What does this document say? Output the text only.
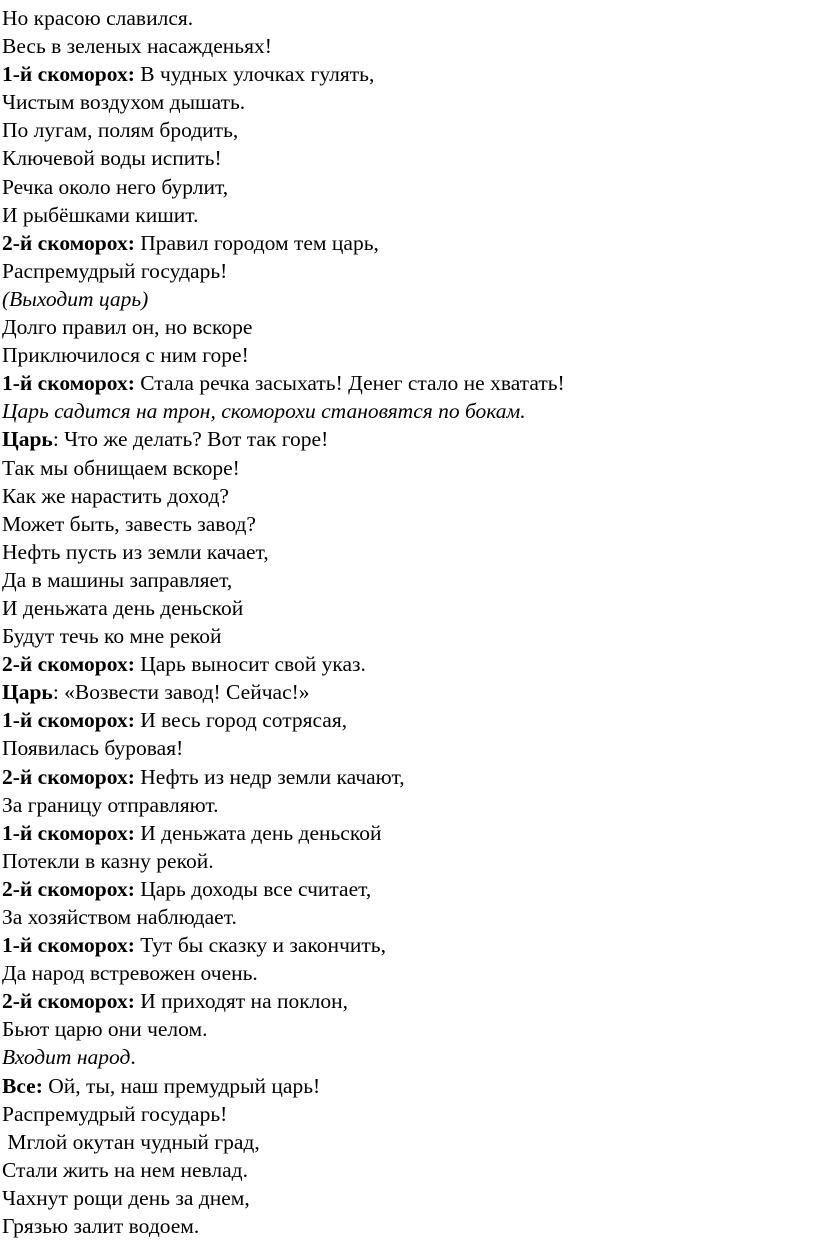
Но красою славился.
Весь в зеленых насажденьях!
1-й скоморох: В чудных улочках гулять,
Чистым воздухом дышать.
По лугам, полям бродить,
Ключевой воды испить!
Речка около него бурлит,
И рыбёшками кишит.
2-й скоморох: Правил городом тем царь,
Распремудрый государь!
(Выходит царь)
Долго правил он, но вскоре
Приключилося с ним горе!
1-й скоморох: Стала речка засыхать! Денег стало не хватать!
Царь садится на трон, скоморохи становятся по бокам.
Царь: Что же делать? Вот так горе!
Так мы обнищаем вскоре!
Как же нарастить доход?
Может быть, завесть завод?
Нефть пусть из земли качает,
Да в машины заправляет,
И деньжата день деньской
Будут течь ко мне рекой
2-й скоморох: Царь выносит свой указ.
Царь: «Возвести завод! Сейчас!»
1-й скоморох: И весь город сотрясая,
Появилась буровая!
2-й скоморох: Нефть из недр земли качают,
За границу отправляют.
1-й скоморох: И деньжата день деньской
Потекли в казну рекой.
2-й скоморох: Царь доходы все считает,
За хозяйством наблюдает.
1-й скоморох: Тут бы сказку и закончить,
Да народ встревожен очень.
2-й скоморох: И приходят на поклон,
Бьют царю они челом.
Входит народ.
Все: Ой, ты, наш премудрый царь!
Распремудрый государь!
Мглой окутан чудный град,
Стали жить на нем невлад.
Чахнут рощи день за днем,
Грязью залит водоем.
